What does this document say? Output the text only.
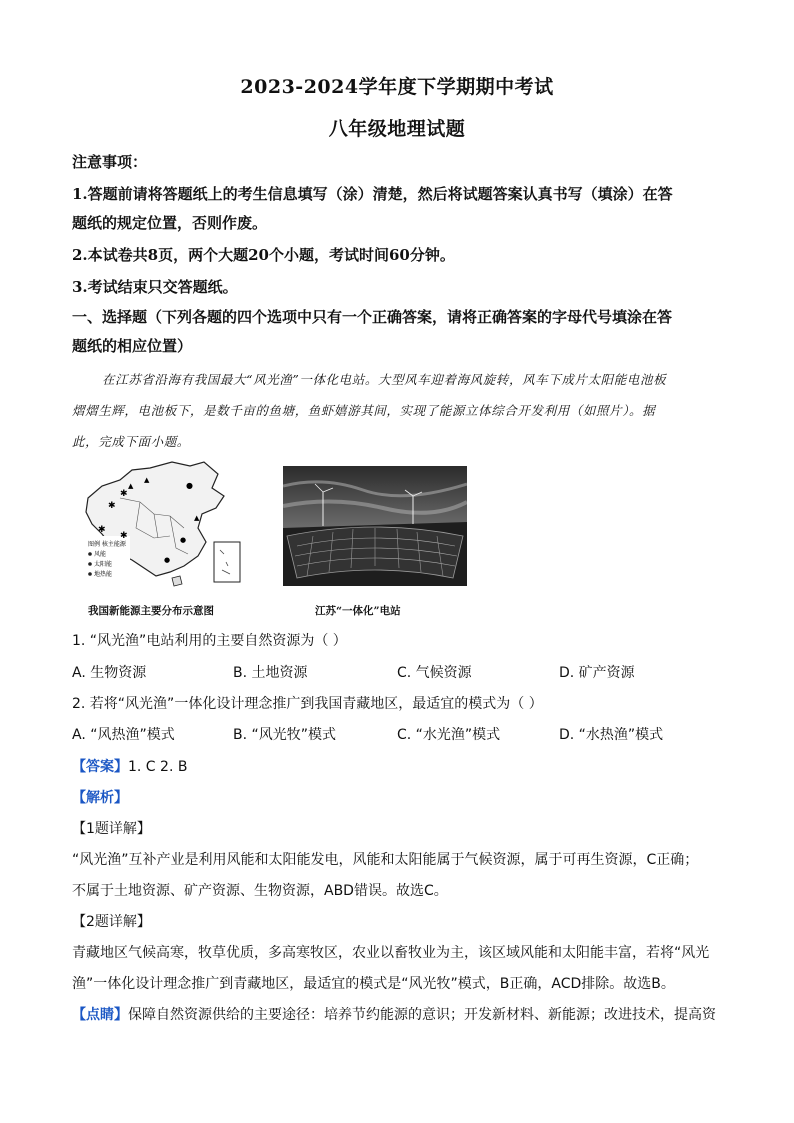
2023-2024学年度下学期期中考试
八年级地理试题
注意事项：
1.答题前请将答题纸上的考生信息填写（涂）清楚，然后将试题答案认真书写（填涂）在答
题纸的规定位置，否则作废。
2.本试卷共8页，两个大题20个小题，考试时间60分钟。
3.考试结束只交答题纸。
一、选择题（下列各题的四个选项中只有一个正确答案，请将正确答案的字母代号填涂在答
题纸的相应位置）
在江苏省沿海有我国最大“风光渔”一体化电站。大型风车迎着海风旋转，风车下成片太阳能电池板
熠熠生辉，电池板下，是数千亩的鱼塘，鱼虾嬉游其间，实现了能源立体综合开发利用（如照片）。据
此，完成下面小题。
图例 核主能源
风能
太阳能
地热能
✱
▲
✱
▲
●
✱
✱	●
●
▲
我国新能源主要分布示意图	江苏“一体化”电站
1. “风光渔”电站利用的主要自然资源为（ ）
A. 生物资源	B. 土地资源	C. 气候资源	D. 矿产资源
2. 若将“风光渔”一体化设计理念推广到我国青藏地区，最适宜的模式为（ ）
A. “风热渔”模式	B. “风光牧”模式	C. “水光渔”模式	D. “水热渔”模式
【答案】1. C 2. B
【解析】
【1题详解】
“风光渔”互补产业是利用风能和太阳能发电，风能和太阳能属于气候资源，属于可再生资源，C正确；
不属于土地资源、矿产资源、生物资源，ABD错误。故选C。
【2题详解】
青藏地区气候高寒，牧草优质，多高寒牧区，农业以畜牧业为主，该区域风能和太阳能丰富，若将“风光
渔”一体化设计理念推广到青藏地区，最适宜的模式是“风光牧”模式，B正确，ACD排除。故选B。
【点睛】保障自然资源供给的主要途径：培养节约能源的意识；开发新材料、新能源；改进技术，提高资
